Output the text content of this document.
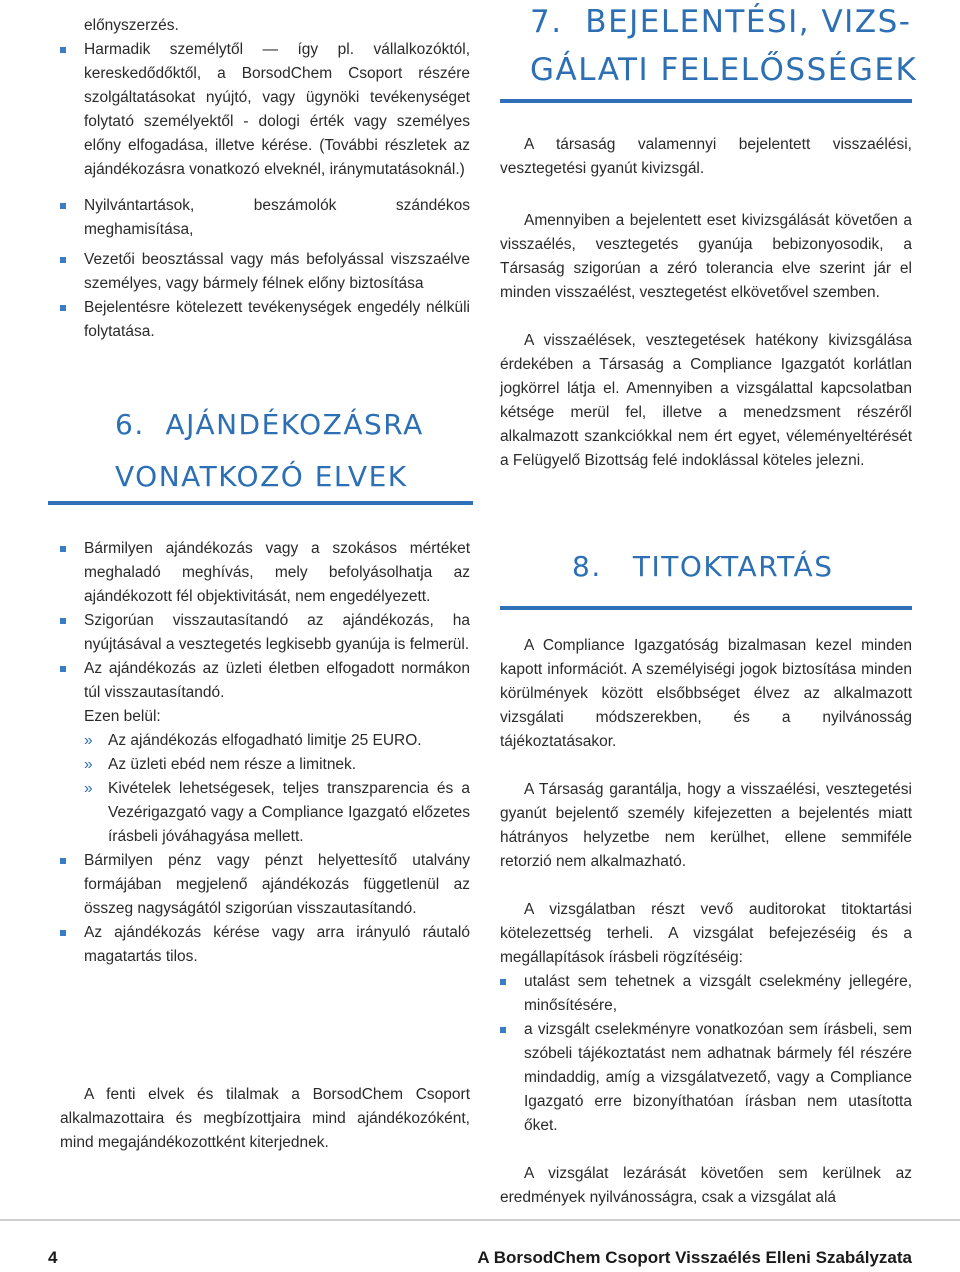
előnyszerzés.

Harmadik személytől — így pl. vállalkozóktól, kereskedődőktől, a BorsodChem Csoport részére szolgáltatásokat nyújtó, vagy ügynöki tevékenységet folytató személyektől - dologi érték vagy személyes előny elfogadása, illetve kérése. (További részletek az ajándékozásra vonatkozó elveknél, iránymutatásoknál.)
Nyilvántartások, beszámolók szándékos meghamisítása,
Vezetői beosztással vagy más befolyással viszszaélve személyes, vagy bármely félnek előny biztosítása
Bejelentésre kötelezett tevékenységek engedély nélküli folytatása.
6. AJÁNDÉKOZÁSRA
VONATKOZÓ ELVEK
Bármilyen ajándékozás vagy a szokásos mértéket meghaladó meghívás, mely befolyásolhatja az ajándékozott fél objektivitását, nem engedélyezett.
Szigorúan visszautasítandó az ajándékozás, ha nyújtásával a vesztegetés legkisebb gyanúja is felmerül.
Az ajándékozás az üzleti életben elfogadott normákon túl visszautasítandó.

Ezen belül:

» Az ajándékozás elfogadható limitje 25 EURO.
» Az üzleti ebéd nem része a limitnek.
» Kivételek lehetségesek, teljes transzparencia és a Vezérigazgató vagy a Compliance Igazgató előzetes írásbeli jóváhagyása mellett.
Bármilyen pénz vagy pénzt helyettesítő utalvány formájában megjelenő ajándékozás függetlenül az összeg nagyságától szigorúan visszautasítandó.
Az ajándékozás kérése vagy arra irányuló ráutaló magatartás tilos.

A fenti elvek és tilalmak a BorsodChem Csoport alkalmazottaira és megbízottjaira mind ajándékozóként, mind megajándékozottként kiterjednek.

7. BEJELENTÉSI, VIZS-
GÁLATI FELELŐSSÉGEK

A társaság valamennyi bejelentett visszaélési, vesztegetési gyanút kivizsgál.

Amennyiben a bejelentett eset kivizsgálását követően a visszaélés, vesztegetés gyanúja bebizonyosodik, a Társaság szigorúan a zéró tolerancia elve szerint jár el minden visszaélést, vesztegetést elkövetővel szemben.

A visszaélések, vesztegetések hatékony kivizsgálása érdekében a Társaság a Compliance Igazgatót korlátlan jogkörrel látja el. Amennyiben a vizsgálattal kapcsolatban kétsége merül fel, illetve a menedzsment részéről alkalmazott szankciókkal nem ért egyet, véleményeltérését a Felügyelő Bizottság felé indoklással köteles jelezni.

8. TITOKTARTÁS

A Compliance Igazgatóság bizalmasan kezel minden kapott információt. A személyiségi jogok biztosítása minden körülmények között elsőbbséget élvez az alkalmazott vizsgálati módszerekben, és a nyilvánosság tájékoztatásakor.

A Társaság garantálja, hogy a visszaélési, vesztegetési gyanút bejelentő személy kifejezetten a bejelentés miatt hátrányos helyzetbe nem kerülhet, ellene semmiféle retorzió nem alkalmazható.

A vizsgálatban részt vevő auditorokat titoktartási kötelezettség terheli. A vizsgálat befejezéséig és a megállapítások írásbeli rögzítéséig:

utalást sem tehetnek a vizsgált cselekmény jellegére, minősítésére,
a vizsgált cselekményre vonatkozóan sem írásbeli, sem szóbeli tájékoztatást nem adhatnak bármely fél részére mindaddig, amíg a vizsgálatvezető, vagy a Compliance Igazgató erre bizonyíthatóan írásban nem utasította őket.

A vizsgálat lezárását követően sem kerülnek az eredmények nyilvánosságra, csak a vizsgálat alá

4	A BorsodChem Csoport Visszaélés Elleni Szabályzata
